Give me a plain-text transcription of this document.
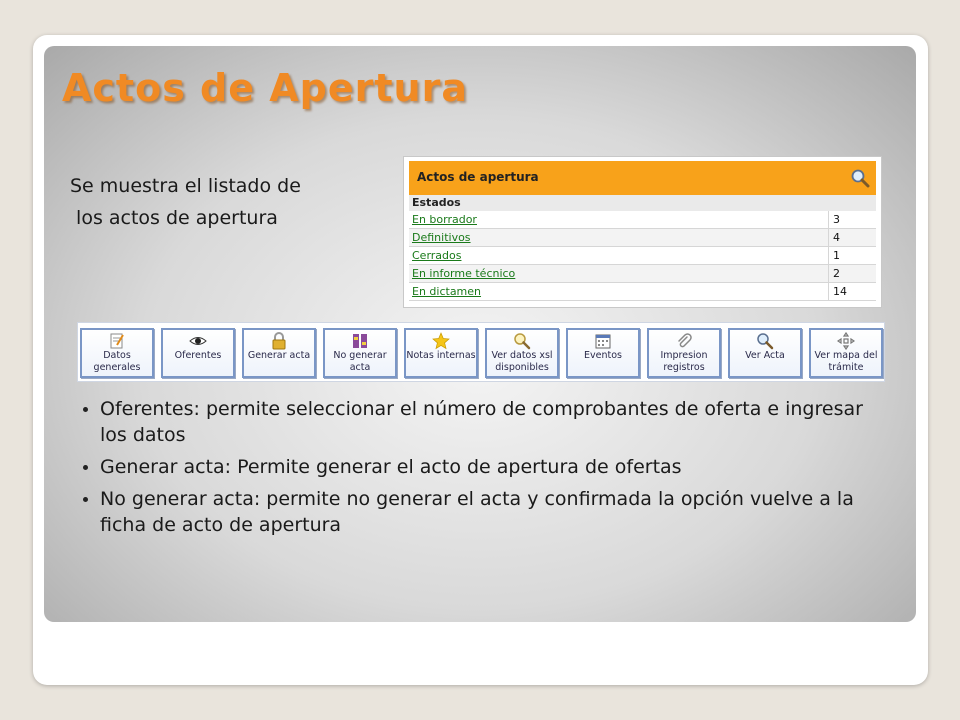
Actos de Apertura
Se muestra el listado de
los actos de apertura
Actos de apertura
Estados
En borrador	3
Definitivos	4
Cerrados	1
En informe técnico	2
En dictamen	14
Datos
generales
Oferentes	Generar acta	No generar
acta
Notas internas	Ver datos xsl
disponibles
Eventos	Impresion
registros
Ver Acta	Ver mapa del
trámite
Oferentes: permite seleccionar el número de comprobantes de oferta e ingresar los datos
Generar acta: Permite generar el acto de apertura de ofertas
No generar acta: permite no generar el acta y confirmada la opción vuelve a la ficha de acto de apertura
